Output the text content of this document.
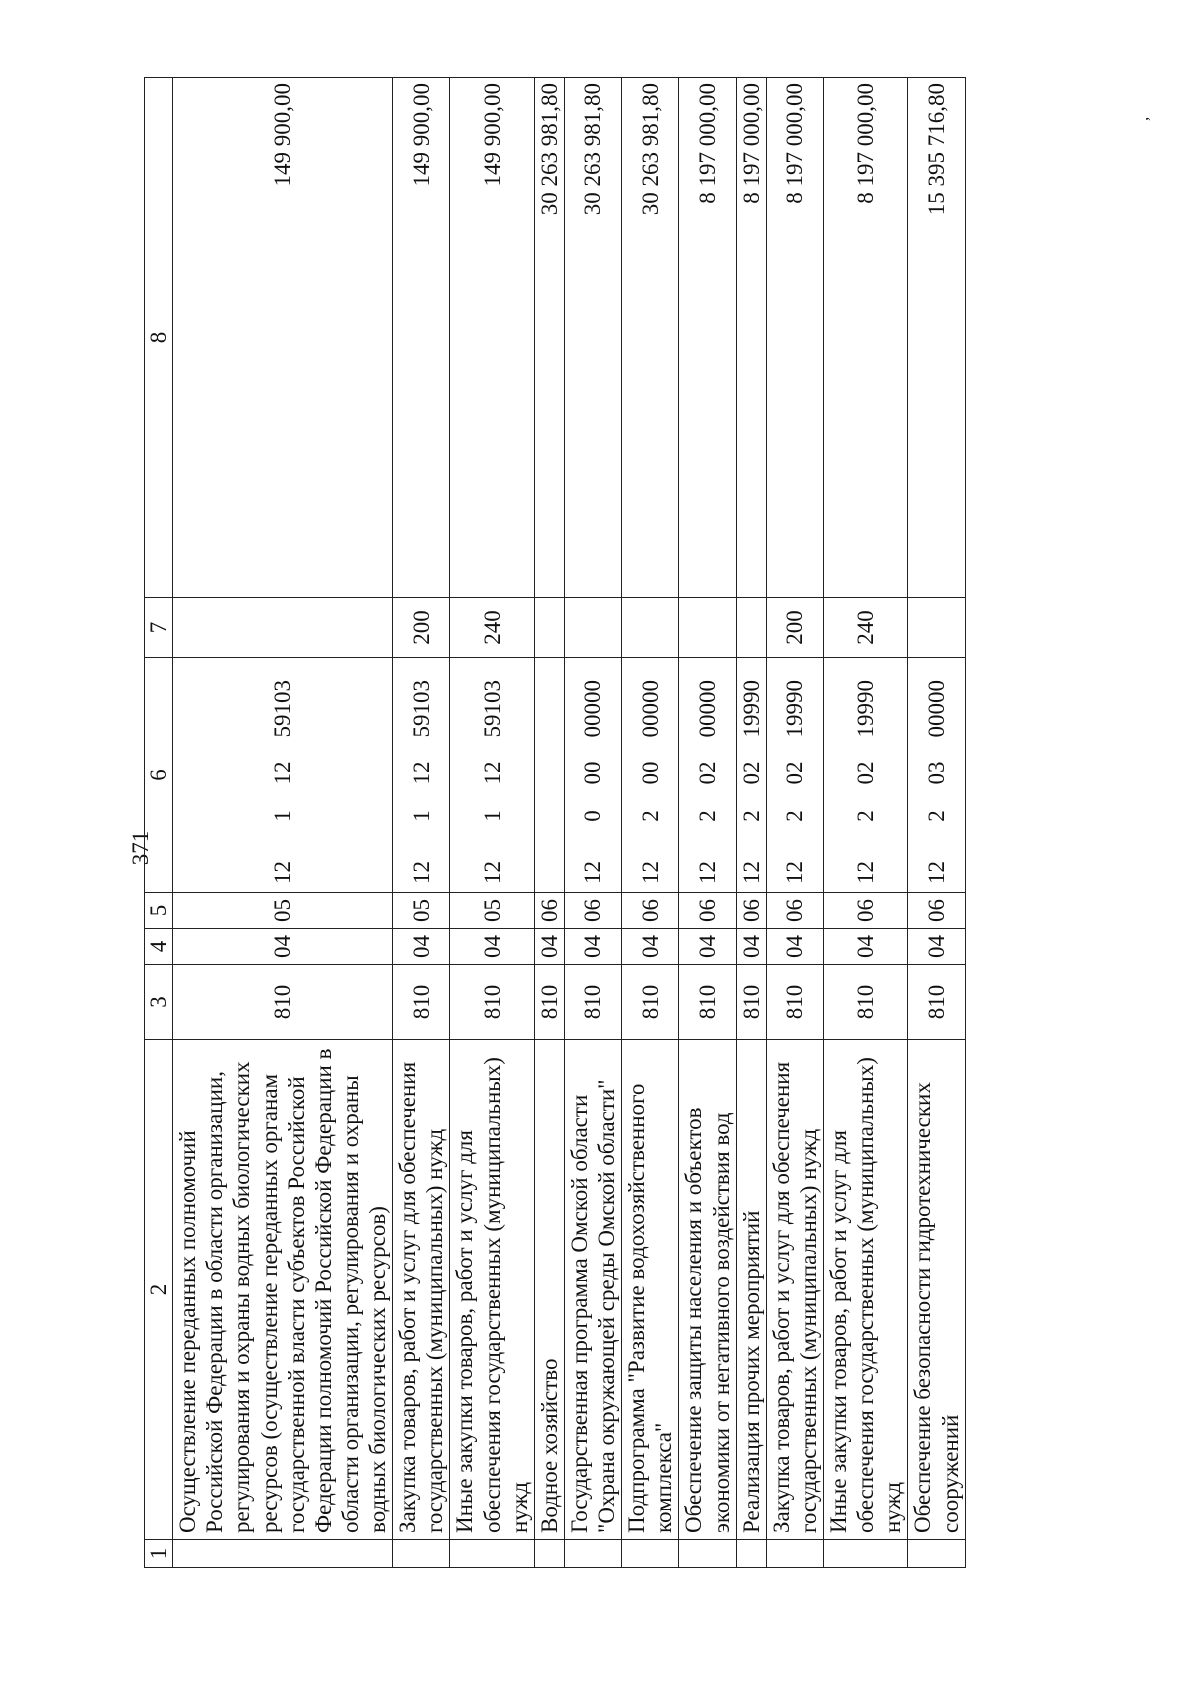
371
ʼ
1	2	3	4	5	6	7	8
	Осуществление переданных полномочий Российской Федерации в области организации, регулирования и охраны водных биологических ресурсов (осуществление переданных органам государственной власти субъектов Российской Федерации полномочий Российской Федерации в области организации, регулирования и охраны водных биологических ресурсов)	810	04	05	1211259103		149 900,00
	Закупка товаров, работ и услуг для обеспечения государственных (муниципальных) нужд	810	04	05	1211259103	200	149 900,00
	Иные закупки товаров, работ и услуг для обеспечения государственных (муниципальных) нужд	810	04	05	1211259103	240	149 900,00
	Водное хозяйство	810	04	06			30 263 981,80
	Государственная программа Омской области "Охрана окружающей среды Омской области"	810	04	06	1200000000		30 263 981,80
	Подпрограмма "Развитие водохозяйственного комплекса"	810	04	06	1220000000		30 263 981,80
	Обеспечение защиты населения и объектов экономики от негативного воздействия вод	810	04	06	1220200000		8 197 000,00
	Реализация прочих мероприятий	810	04	06	1220219990		8 197 000,00
	Закупка товаров, работ и услуг для обеспечения государственных (муниципальных) нужд	810	04	06	1220219990	200	8 197 000,00
	Иные закупки товаров, работ и услуг для обеспечения государственных (муниципальных) нужд	810	04	06	1220219990	240	8 197 000,00
	Обеспечение безопасности гидротехнических сооружений	810	04	06	1220300000		15 395 716,80
